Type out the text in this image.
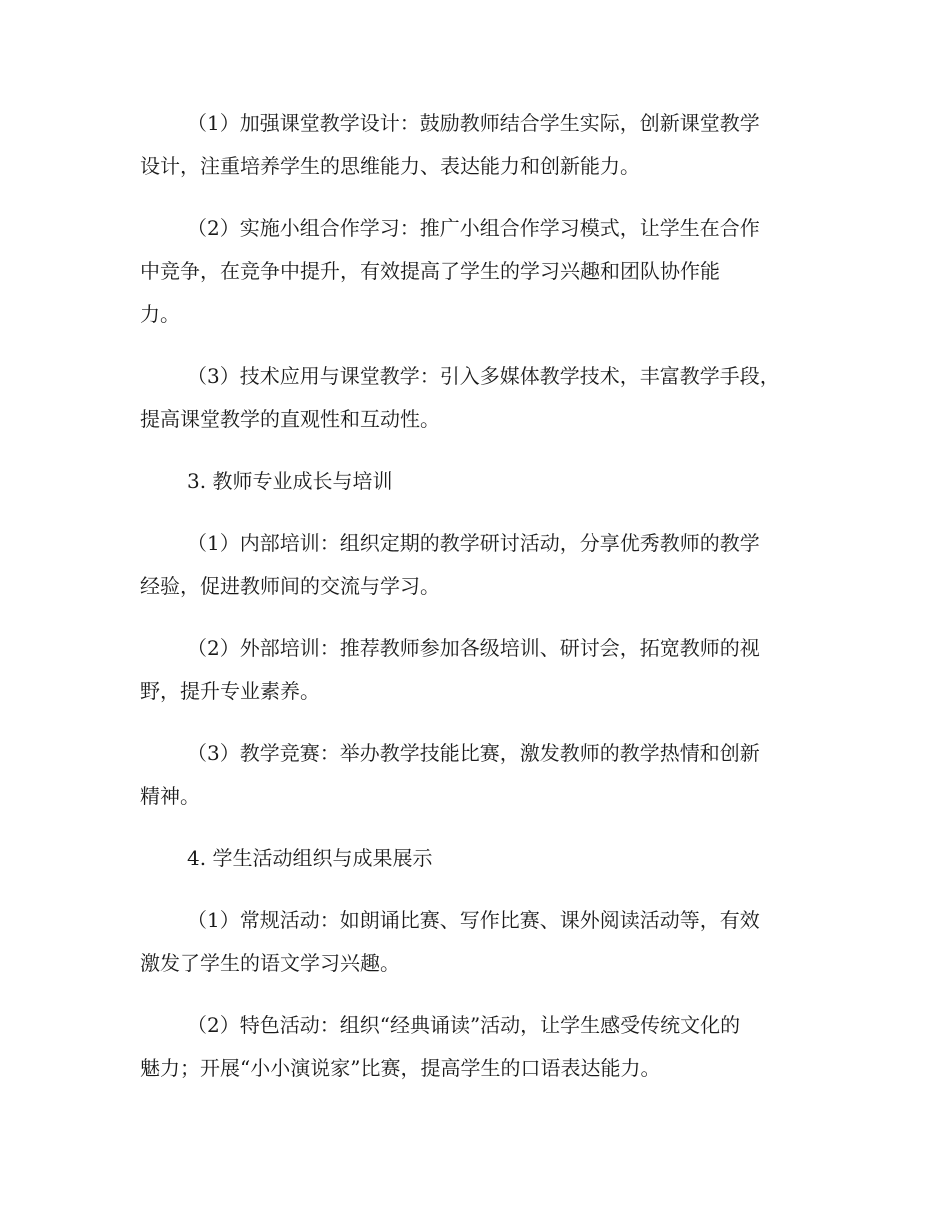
（1）加强课堂教学设计：鼓励教师结合学生实际，创新课堂教学
设计，注重培养学生的思维能力、表达能力和创新能力。

（2）实施小组合作学习：推广小组合作学习模式，让学生在合作
中竞争，在竞争中提升，有效提高了学生的学习兴趣和团队协作能
力。

（3）技术应用与课堂教学：引入多媒体教学技术，丰富教学手段，
提高课堂教学的直观性和互动性。

3. 教师专业成长与培训

（1）内部培训：组织定期的教学研讨活动，分享优秀教师的教学
经验，促进教师间的交流与学习。

（2）外部培训：推荐教师参加各级培训、研讨会，拓宽教师的视
野，提升专业素养。

（3）教学竞赛：举办教学技能比赛，激发教师的教学热情和创新
精神。

4. 学生活动组织与成果展示

（1）常规活动：如朗诵比赛、写作比赛、课外阅读活动等，有效
激发了学生的语文学习兴趣。

（2）特色活动：组织“经典诵读”活动，让学生感受传统文化的
魅力；开展“小小演说家”比赛，提高学生的口语表达能力。
